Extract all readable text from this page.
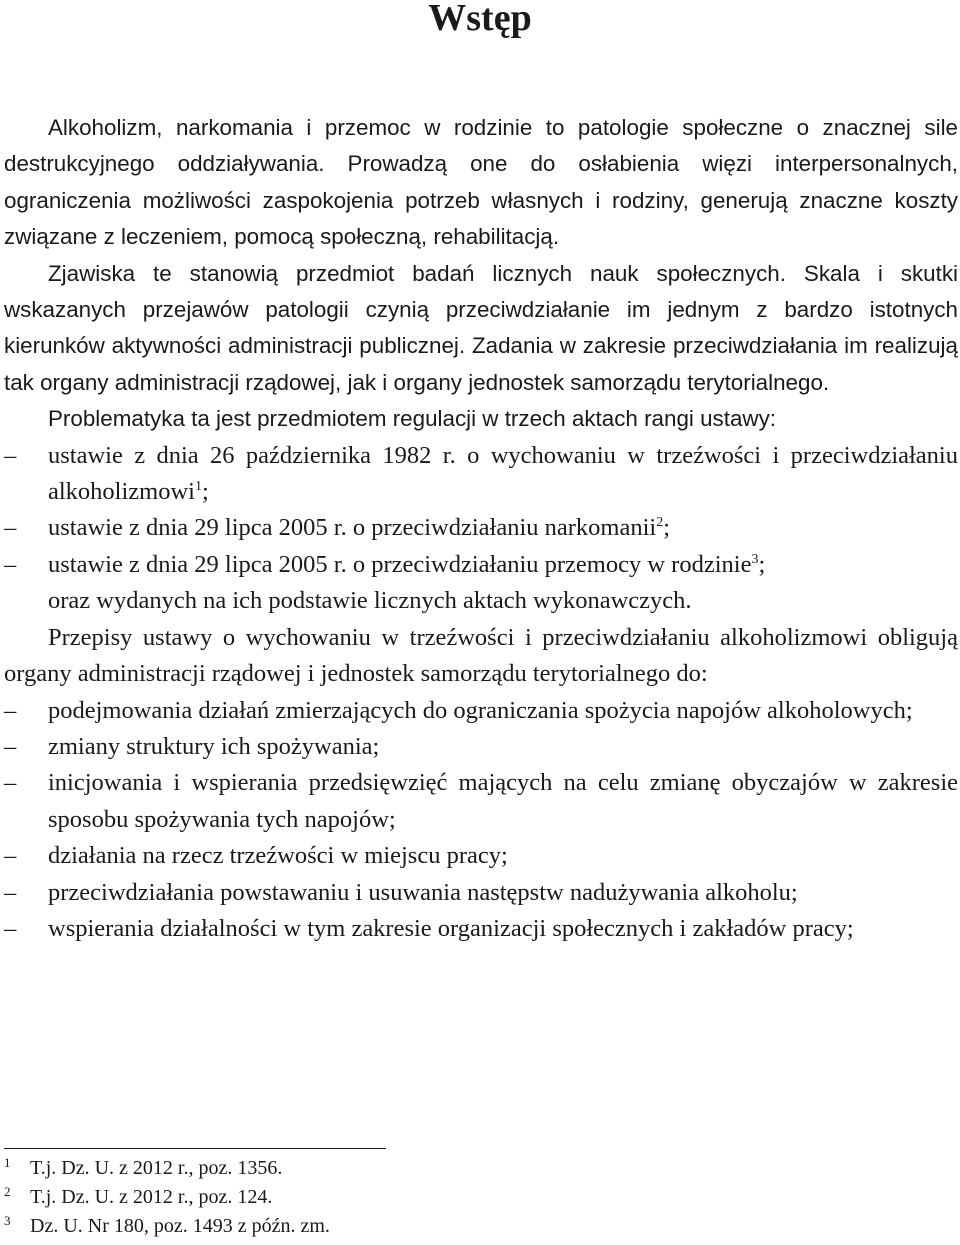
Wstęp

Alkoholizm, narkomania i przemoc w rodzinie to patologie społeczne o znacznej sile destrukcyjnego oddziaływania. Prowadzą one do osłabienia więzi interpersonalnych, ograniczenia możliwości zaspokojenia potrzeb własnych i rodziny, generują znaczne koszty związane z leczeniem, pomocą społeczną, rehabilitacją.

Zjawiska te stanowią przedmiot badań licznych nauk społecznych. Skala i skutki wskazanych przejawów patologii czynią przeciwdziałanie im jednym z bardzo istotnych kierunków aktywności administracji publicznej. Zadania w zakresie przeciwdziałania im realizują tak organy administracji rządowej, jak i organy jednostek samorządu terytorialnego.

Problematyka ta jest przedmiotem regulacji w trzech aktach rangi ustawy:

–	ustawie z dnia 26 października 1982 r. o wychowaniu w trzeźwości i przeciwdziałaniu alkoholizmowi$^1$;
–	ustawie z dnia 29 lipca 2005 r. o przeciwdziałaniu narkomanii$^2$;
–	ustawie z dnia 29 lipca 2005 r. o przeciwdziałaniu przemocy w rodzinie$^3$;

oraz wydanych na ich podstawie licznych aktach wykonawczych.

Przepisy ustawy o wychowaniu w trzeźwości i przeciwdziałaniu alkoholizmowi obligują organy administracji rządowej i jednostek samorządu terytorialnego do:

–	podejmowania działań zmierzających do ograniczania spożycia napojów alkoholowych;
–	zmiany struktury ich spożywania;
–	inicjowania i wspierania przedsięwzięć mających na celu zmianę obyczajów w zakresie sposobu spożywania tych napojów;
–	działania na rzecz trzeźwości w miejscu pracy;
–	przeciwdziałania powstawaniu i usuwania następstw nadużywania alkoholu;
–	wspierania działalności w tym zakresie organizacji społecznych i zakładów pracy;
1 T.j. Dz. U. z 2012 r., poz. 1356.
2 T.j. Dz. U. z 2012 r., poz. 124.
3 Dz. U. Nr 180, poz. 1493 z późn. zm.
